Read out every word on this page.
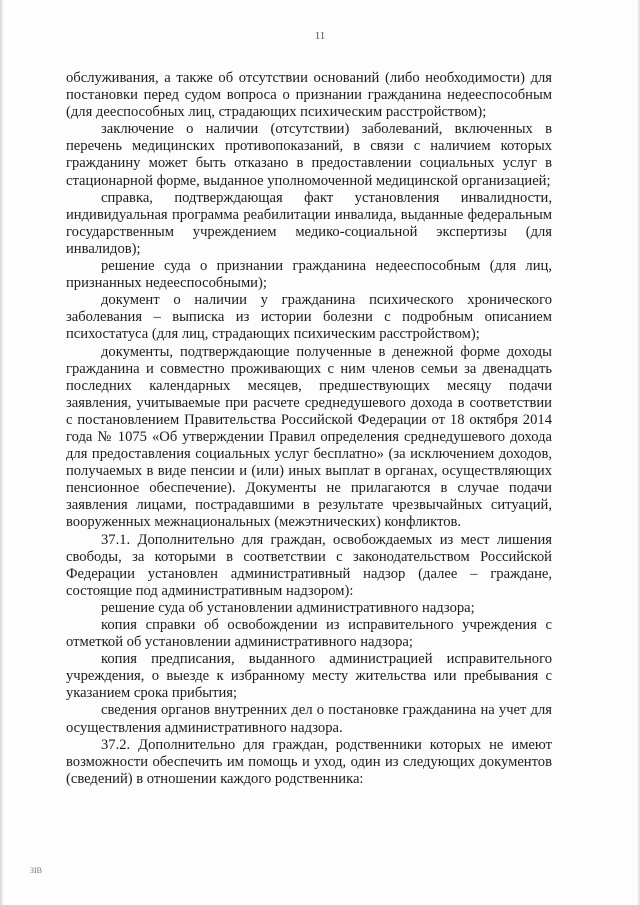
11

обслуживания, а также об отсутствии оснований (либо необходимости) для постановки перед судом вопроса о признании гражданина недееспособным (для дееспособных лиц, страдающих психическим расстройством);

заключение о наличии (отсутствии) заболеваний, включенных в перечень медицинских противопоказаний, в связи с наличием которых гражданину может быть отказано в предоставлении социальных услуг в стационарной форме, выданное уполномоченной медицинской организацией;

справка, подтверждающая факт установления инвалидности, индивидуальная программа реабилитации инвалида, выданные федеральным государственным учреждением медико-социальной экспертизы (для инвалидов);

решение суда о признании гражданина недееспособным (для лиц, признанных недееспособными);

документ о наличии у гражданина психического хронического заболевания – выписка из истории болезни с подробным описанием психостатуса (для лиц, страдающих психическим расстройством);

документы, подтверждающие полученные в денежной форме доходы гражданина и совместно проживающих с ним членов семьи за двенадцать последних календарных месяцев, предшествующих месяцу подачи заявления, учитываемые при расчете среднедушевого дохода в соответствии с постановлением Правительства Российской Федерации от 18 октября 2014 года № 1075 «Об утверждении Правил определения среднедушевого дохода для предоставления социальных услуг бесплатно» (за исключением доходов, получаемых в виде пенсии и (или) иных выплат в органах, осуществляющих пенсионное обеспечение). Документы не прилагаются в случае подачи заявления лицами, пострадавшими в результате чрезвычайных ситуаций, вооруженных межнациональных (межэтнических) конфликтов.

37.1. Дополнительно для граждан, освобождаемых из мест лишения свободы, за которыми в соответствии с законодательством Российской Федерации установлен административный надзор (далее – граждане, состоящие под административным надзором):

решение суда об установлении административного надзора;

копия справки об освобождении из исправительного учреждения с отметкой об установлении административного надзора;

копия предписания, выданного администрацией исправительного учреждения, о выезде к избранному месту жительства или пребывания с указанием срока прибытия;

сведения органов внутренних дел о постановке гражданина на учет для осуществления административного надзора.

37.2. Дополнительно для граждан, родственники которых не имеют возможности обеспечить им помощь и уход, один из следующих документов (сведений) в отношении каждого родственника:

ЗІВ
